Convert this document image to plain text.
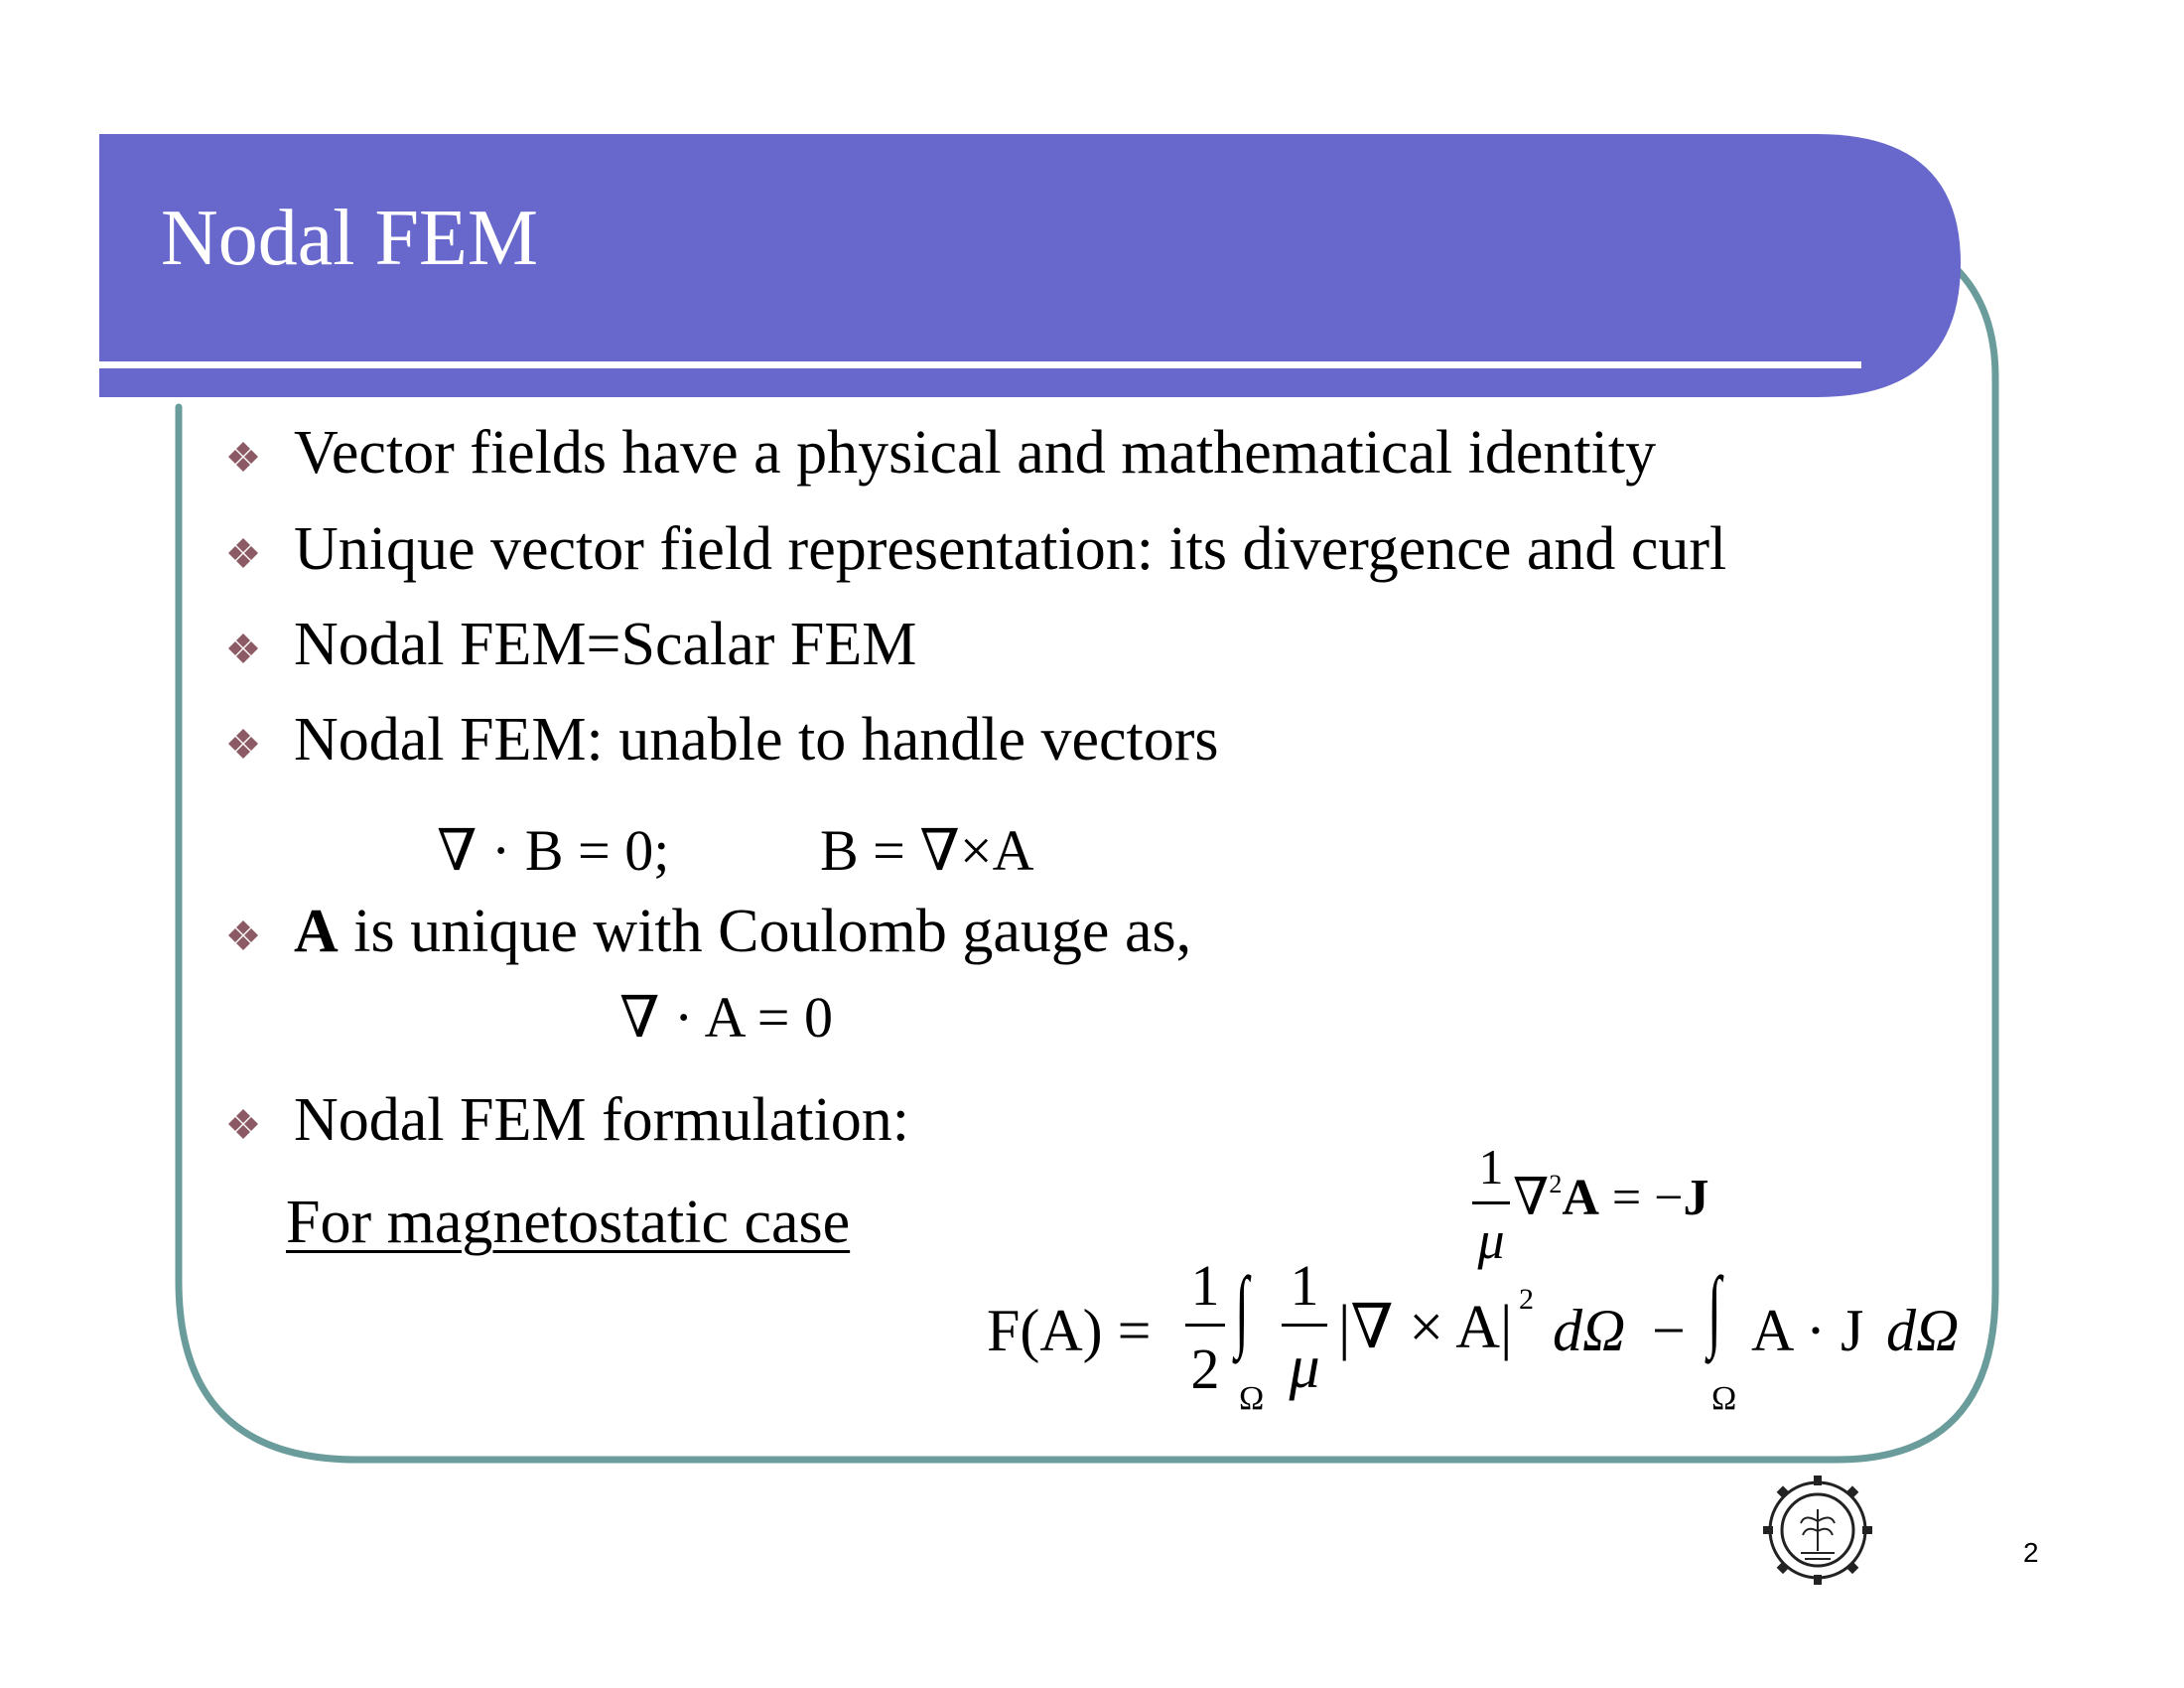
Nodal FEM
Vector fields have a physical and mathematical identity
Unique vector field representation: its divergence and curl
Nodal FEM=Scalar FEM
Nodal FEM: unable to handle vectors
∇ · B = 0;	B = ∇×A
A is unique with Coulomb gauge as,
∇ · A = 0
Nodal FEM formulation:
For magnetostatic case
1
μ
∇$^2$A = −J
F(A) =
1
2
∫
Ω
1
μ
|∇ × A| 2 dΩ − ∫
Ω
A · J dΩ
2
